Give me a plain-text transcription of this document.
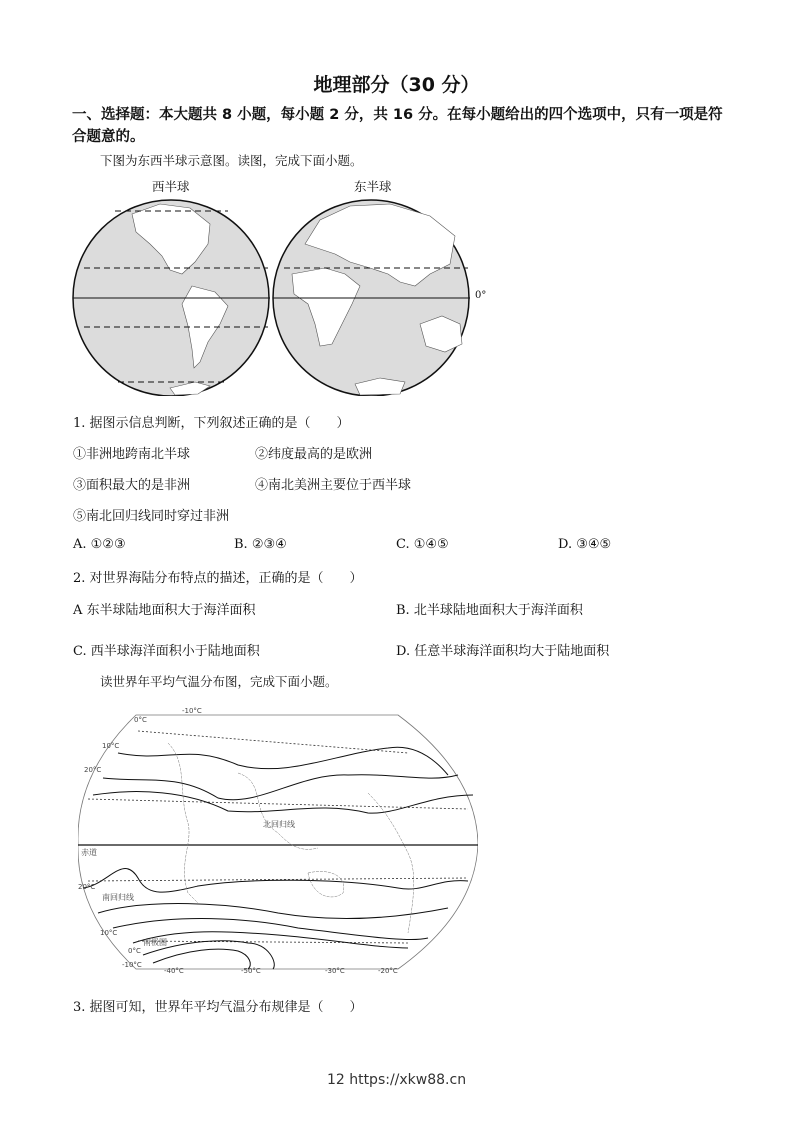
地理部分（30 分）
一、选择题：本大题共 8 小题，每小题 2 分，共 16 分。在每小题给出的四个选项中，只有一项是符合题意的。
下图为东西半球示意图。读图，完成下面小题。
西半球	东半球
0°
1. 据图示信息判断，下列叙述正确的是（　　）
①非洲地跨南北半球	②纬度最高的是欧洲
③面积最大的是非洲	④南北美洲主要位于西半球
⑤南北回归线同时穿过非洲
A. ①②③	B. ②③④	C. ①④⑤	D. ③④⑤
2. 对世界海陆分布特点的描述，正确的是（　　）
A 东半球陆地面积大于海洋面积	B. 北半球陆地面积大于海洋面积
C. 西半球海洋面积小于陆地面积	D. 任意半球海洋面积均大于陆地面积
读世界年平均气温分布图，完成下面小题。
-10°C
0°C
10°C
20°C
北回归线
赤道
20°C
南回归线
10°C
0°C
南极圈
-10°C
-40°C	-50°C	-30°C	-20°C
3. 据图可知，世界年平均气温分布规律是（　　）
12 https://xkw88.cn
